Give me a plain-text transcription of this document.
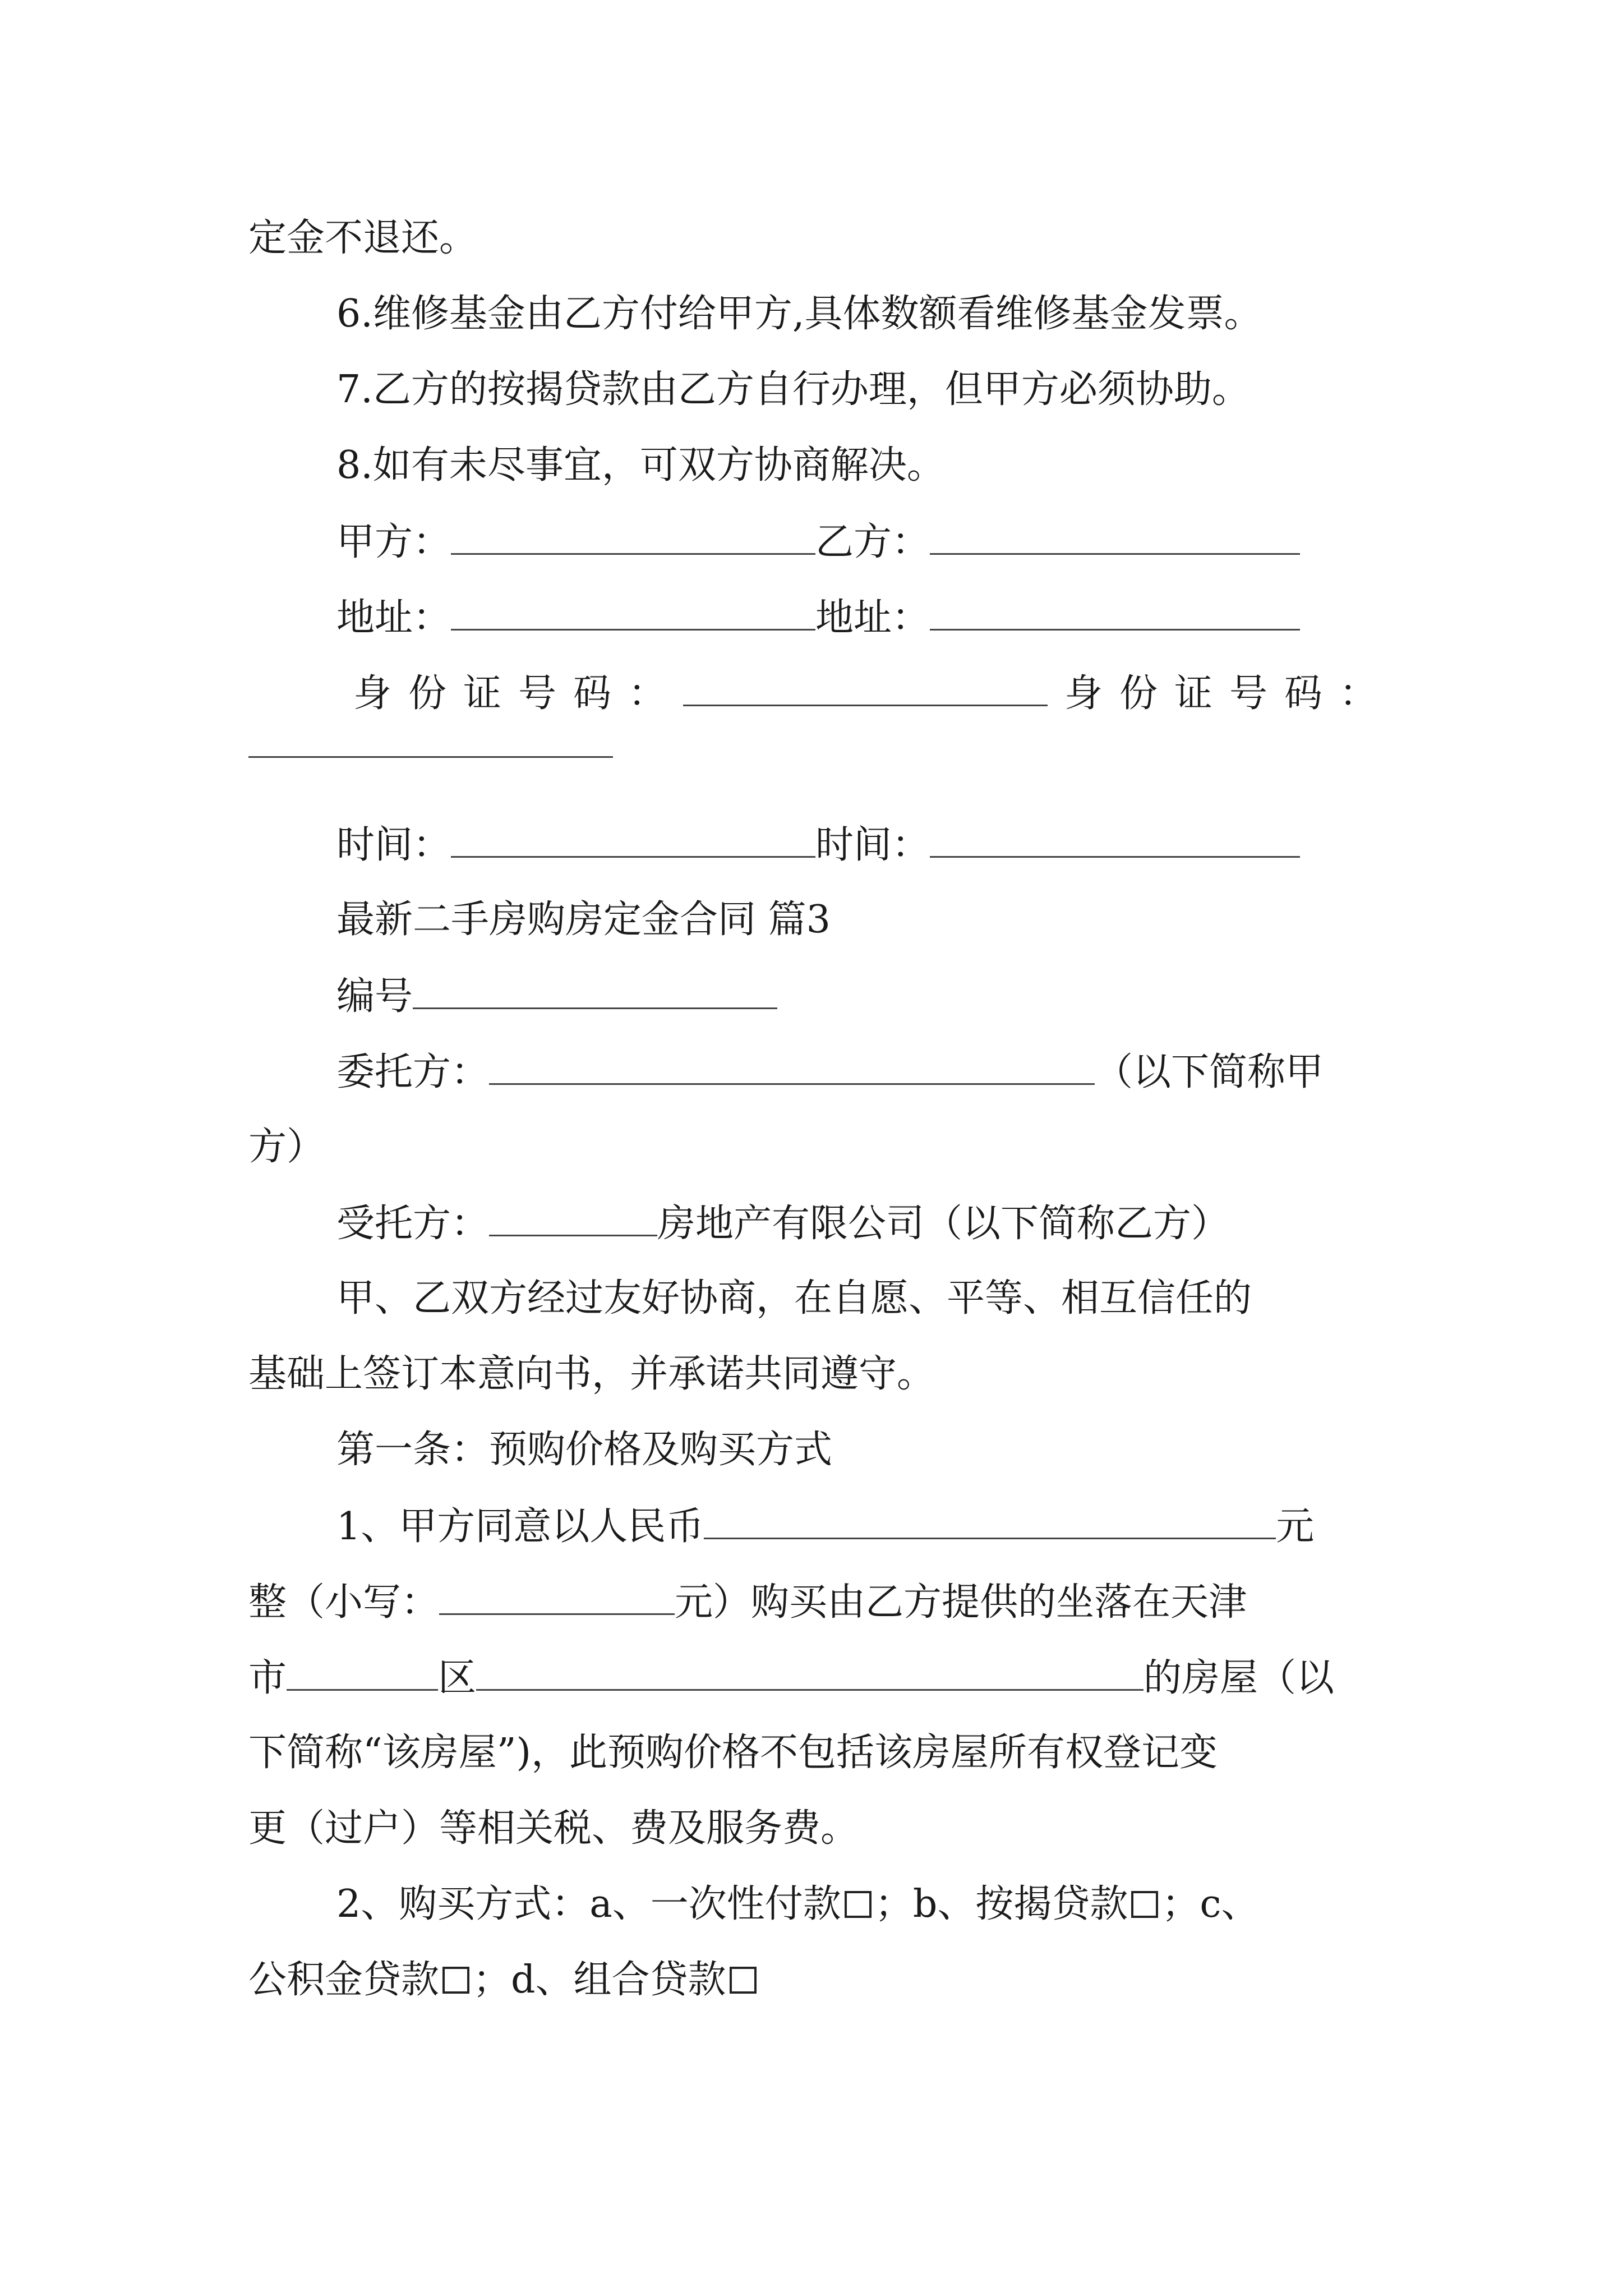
定金不退还。
6.维修基金由乙方付给甲方,具体数额看维修基金发票。
7.乙方的按揭贷款由乙方自行办理，但甲方必须协助。
8.如有未尽事宜，可双方协商解决。
甲方：	乙方：
地址：	地址：
身份证号码：	身份证号码：
时间：	时间：
最新二手房购房定金合同 篇3
编号
委托方：	（以下简称甲
方）
受托方：	房地产有限公司（以下简称乙方）
甲、乙双方经过友好协商，在自愿、平等、相互信任的
基础上签订本意向书，并承诺共同遵守。
第一条：预购价格及购买方式
1、甲方同意以人民币	元
整（小写：	元）购买由乙方提供的坐落在天津
市	区	的房屋（以
下简称“该房屋”)，此预购价格不包括该房屋所有权登记变
更（过户）等相关税、费及服务费。
2、购买方式：a、一次性付款 ；b、按揭贷款 ；c、
公积金贷款 ；d、组合贷款
